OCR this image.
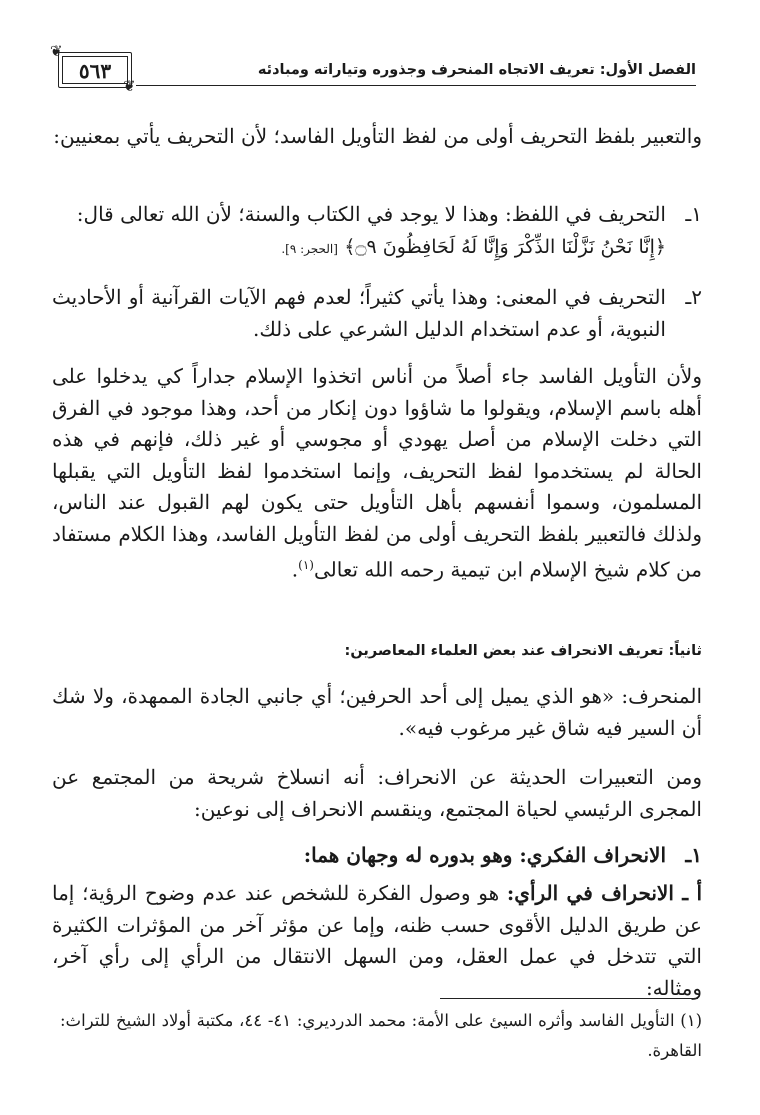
❦
❦
٥٦٣	الفصل الأول: تعريف الاتجاه المنحرف وجذوره وتياراته ومبادئه
والتعبير بلفظ التحريف أولى من لفظ التأويل الفاسد؛ لأن التحريف يأتي بمعنيين:
١ـ
التحريف في اللفظ: وهذا لا يوجد في الكتاب والسنة؛ لأن الله تعالى قال:
﴿إِنَّا نَحْنُ نَزَّلْنَا الذِّكْرَ وَإِنَّا لَهُ لَحَافِظُونَ ۝٩﴾ [الحجر: ٩].
٢ـ
التحريف في المعنى: وهذا يأتي كثيراً؛ لعدم فهم الآيات القرآنية أو الأحاديث النبوية، أو عدم استخدام الدليل الشرعي على ذلك.
ولأن التأويل الفاسد جاء أصلاً من أناس اتخذوا الإسلام جداراً كي يدخلوا على أهله باسم الإسلام، ويقولوا ما شاؤوا دون إنكار من أحد، وهذا موجود في الفرق التي دخلت الإسلام من أصل يهودي أو مجوسي أو غير ذلك، فإنهم في هذه الحالة لم يستخدموا لفظ التحريف، وإنما استخدموا لفظ التأويل التي يقبلها المسلمون، وسموا أنفسهم بأهل التأويل حتى يكون لهم القبول عند الناس، ولذلك فالتعبير بلفظ التحريف أولى من لفظ التأويل الفاسد، وهذا الكلام مستفاد من كلام شيخ الإسلام ابن تيمية رحمه الله تعالى$^{(١)}$.
ثانياً: تعريف الانحراف عند بعض العلماء المعاصرين:
المنحرف: «هو الذي يميل إلى أحد الحرفين؛ أي جانبي الجادة الممهدة، ولا شك أن السير فيه شاق غير مرغوب فيه».
ومن التعبيرات الحديثة عن الانحراف: أنه انسلاخ شريحة من المجتمع عن المجرى الرئيسي لحياة المجتمع، وينقسم الانحراف إلى نوعين:
١ـ
الانحراف الفكري: وهو بدوره له وجهان هما:
أ ـ الانحراف في الرأي: هو وصول الفكرة للشخص عند عدم وضوح الرؤية؛ إما عن طريق الدليل الأقوى حسب ظنه، وإما عن مؤثر آخر من المؤثرات الكثيرة التي تتدخل في عمل العقل، ومن السهل الانتقال من الرأي إلى رأي آخر، ومثاله:
(١) التأويل الفاسد وأثره السيئ على الأمة: محمد الدرديري: ٤١- ٤٤، مكتبة أولاد الشيخ للتراث: القاهرة.
